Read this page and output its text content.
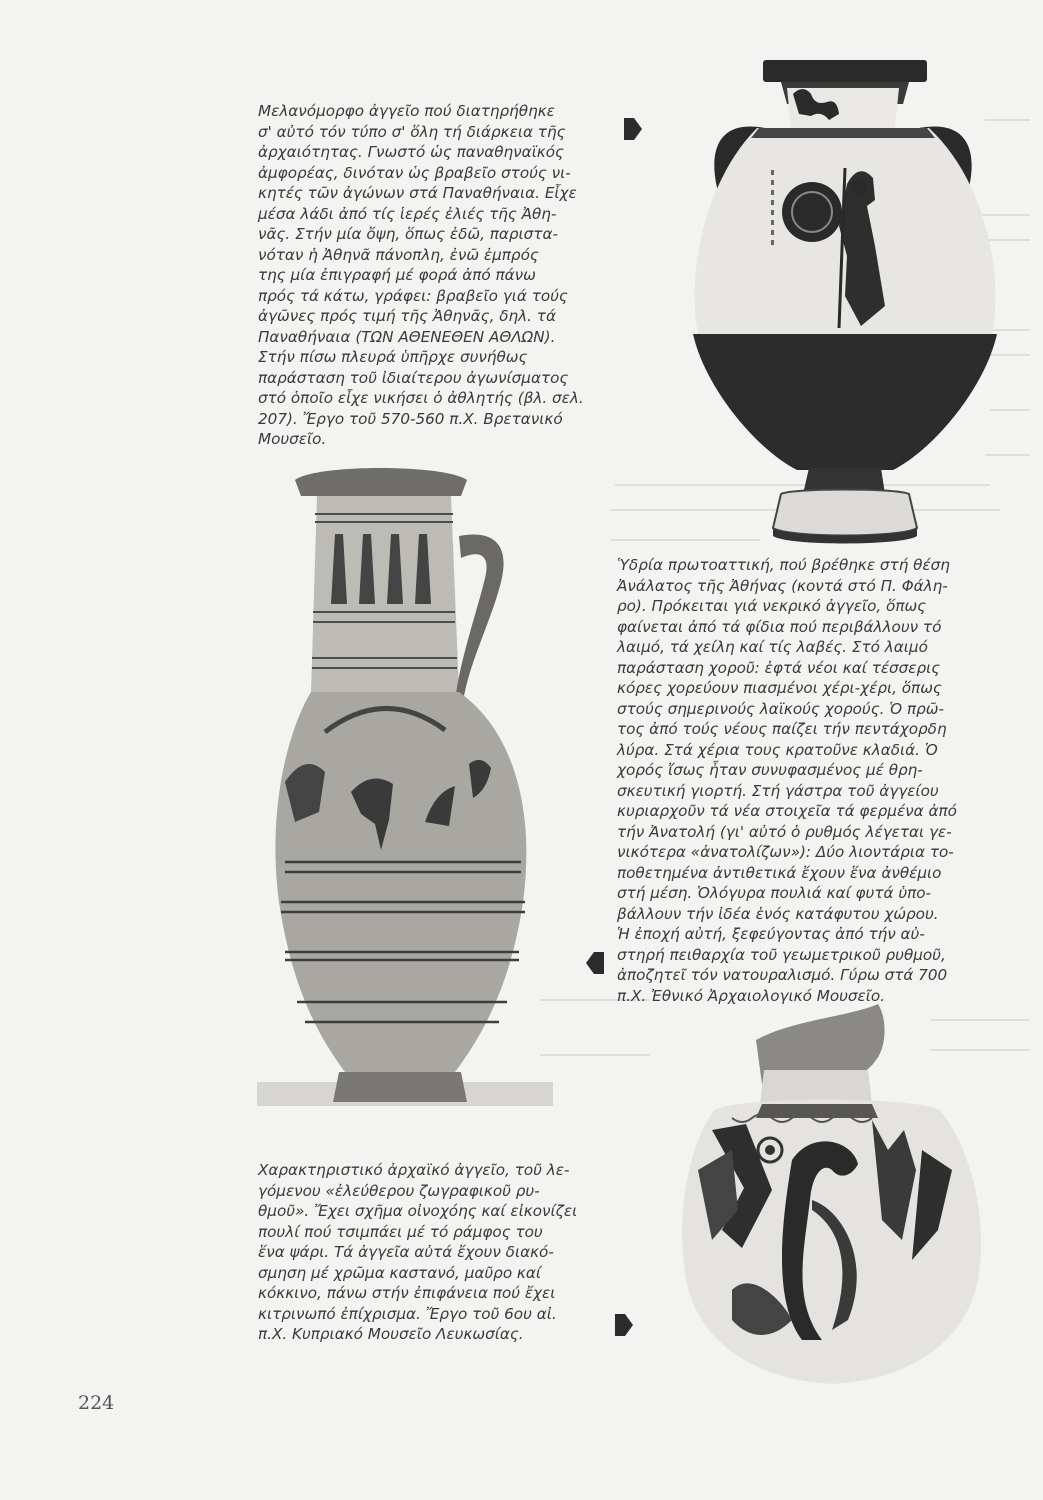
Μελανόμορφο ἀγγεῖο πού διατηρήθηκε
σ' αὐτό τόν τύπο σ' ὅλη τή διάρκεια τῆς
ἀρχαιότητας. Γνωστό ὡς παναθηναϊκός
ἀμφορέας, δινόταν ὡς βραβεῖο στούς νι-
κητές τῶν ἀγώνων στά Παναθήναια. Εἶχε
μέσα λάδι ἀπό τίς ἱερές ἐλιές τῆς Ἀθη-
νᾶς. Στήν μία ὄψη, ὅπως ἐδῶ, παριστα-
νόταν ἡ Ἀθηνᾶ πάνοπλη, ἐνῶ ἐμπρός
της μία ἐπιγραφή μέ φορά ἀπό πάνω
πρός τά κάτω, γράφει: βραβεῖο γιά τούς
ἀγῶνες πρός τιμή τῆς Ἀθηνᾶς, δηλ. τά
Παναθήναια (ΤΩΝ ΑΘΕΝΕΘΕΝ ΑΘΛΩΝ).
Στήν πίσω πλευρά ὑπῆρχε συνήθως
παράσταση τοῦ ἰδιαίτερου ἀγωνίσματος
στό ὁποῖο εἶχε νικήσει ὁ ἀθλητής (βλ. σελ.
207). Ἔργο τοῦ 570-560 π.Χ. Βρετανικό
Μουσεῖο.
Ὑδρία πρωτοαττική, πού βρέθηκε στή θέση
Ἀνάλατος τῆς Ἀθήνας (κοντά στό Π. Φάλη-
ρο). Πρόκειται γιά νεκρικό ἀγγεῖο, ὅπως
φαίνεται ἀπό τά φίδια πού περιβάλλουν τό
λαιμό, τά χείλη καί τίς λαβές. Στό λαιμό
παράσταση χοροῦ: ἑφτά νέοι καί τέσσερις
κόρες χορεύουν πιασμένοι χέρι-χέρι, ὅπως
στούς σημερινούς λαϊκούς χορούς. Ὁ πρῶ-
τος ἀπό τούς νέους παίζει τήν πεντάχορδη
λύρα. Στά χέρια τους κρατοῦνε κλαδιά. Ὁ
χορός ἴσως ἦταν συνυφασμένος μέ θρη-
σκευτική γιορτή. Στή γάστρα τοῦ ἀγγείου
κυριαρχοῦν τά νέα στοιχεῖα τά φερμένα ἀπό
τήν Ἀνατολή (γι' αὐτό ὁ ρυθμός λέγεται γε-
νικότερα «ἀνατολίζων»): Δύο λιοντάρια το-
ποθετημένα ἀντιθετικά ἔχουν ἕνα ἀνθέμιο
στή μέση. Ὁλόγυρα πουλιά καί φυτά ὑπο-
βάλλουν τήν ἰδέα ἑνός κατάφυτου χώρου.
Ἡ ἐποχή αὐτή, ξεφεύγοντας ἀπό τήν αὐ-
στηρή πειθαρχία τοῦ γεωμετρικοῦ ρυθμοῦ,
ἀποζητεῖ τόν νατουραλισμό. Γύρω στά 700
π.Χ. Ἐθνικό Ἀρχαιολογικό Μουσεῖο.
Χαρακτηριστικό ἀρχαϊκό ἀγγεῖο, τοῦ λε-
γόμενου «ἐλεύθερου ζωγραφικοῦ ρυ-
θμοῦ». Ἔχει σχῆμα οἰνοχόης καί εἰκονίζει
πουλί πού τσιμπάει μέ τό ράμφος του
ἕνα ψάρι. Τά ἀγγεῖα αὐτά ἔχουν διακό-
σμηση μέ χρῶμα καστανό, μαῦρο καί
κόκκινο, πάνω στήν ἐπιφάνεια πού ἔχει
κιτρινωπό ἐπίχρισμα. Ἔργο τοῦ 6ου αἰ.
π.Χ. Κυπριακό Μουσεῖο Λευκωσίας.
224
